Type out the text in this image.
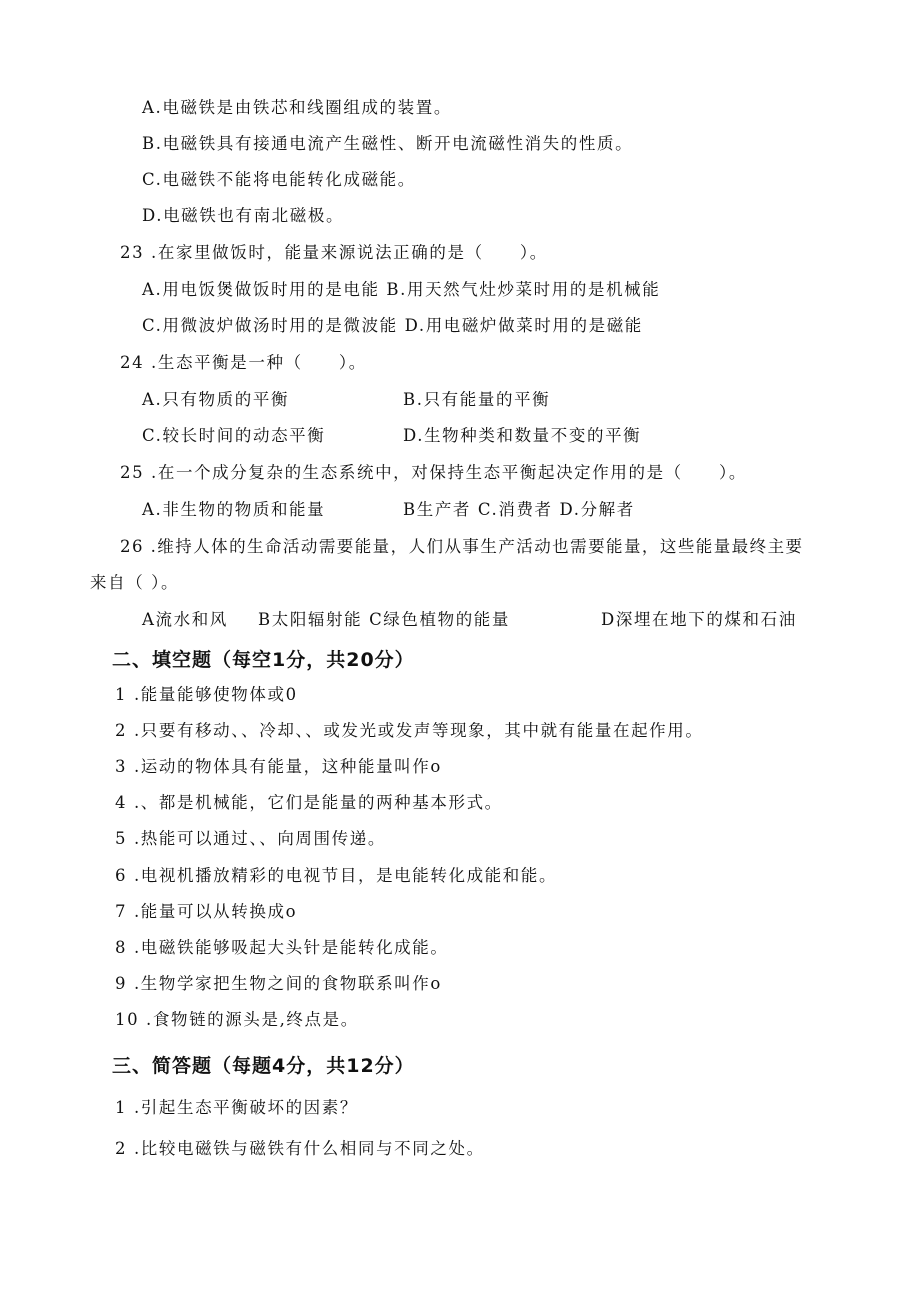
A.电磁铁是由铁芯和线圈组成的装置。
B.电磁铁具有接通电流产生磁性、断开电流磁性消失的性质。
C.电磁铁不能将电能转化成磁能。
D.电磁铁也有南北磁极。
23 .在家里做饭时，能量来源说法正确的是（　　）。
A.用电饭煲做饭时用的是电能 B.用天然气灶炒菜时用的是机械能
C.用微波炉做汤时用的是微波能 D.用电磁炉做菜时用的是磁能
24 .生态平衡是一种（　　）。
A.只有物质的平衡	B.只有能量的平衡
C.较长时间的动态平衡	D.生物种类和数量不变的平衡
25 .在一个成分复杂的生态系统中，对保持生态平衡起决定作用的是（　　）。
A.非生物的物质和能量	B生产者 C.消费者 D.分解者
26 .维持人体的生命活动需要能量，人们从事生产活动也需要能量，这些能量最终主要
来自（ ）。
A流水和风 B太阳辐射能 C绿色植物的能量	D深埋在地下的煤和石油
二、填空题（每空1分，共20分）
1 .能量能够使物体或0
2 .只要有移动、、冷却、、或发光或发声等现象，其中就有能量在起作用。
3 .运动的物体具有能量，这种能量叫作o
4 .、都是机械能，它们是能量的两种基本形式。
5 .热能可以通过、、向周围传递。
6 .电视机播放精彩的电视节目，是电能转化成能和能。
7 .能量可以从转换成o
8 .电磁铁能够吸起大头针是能转化成能。
9 .生物学家把生物之间的食物联系叫作o
10 .食物链的源头是,终点是。
三、简答题（每题4分，共12分）
1 .引起生态平衡破坏的因素？
2 .比较电磁铁与磁铁有什么相同与不同之处。
